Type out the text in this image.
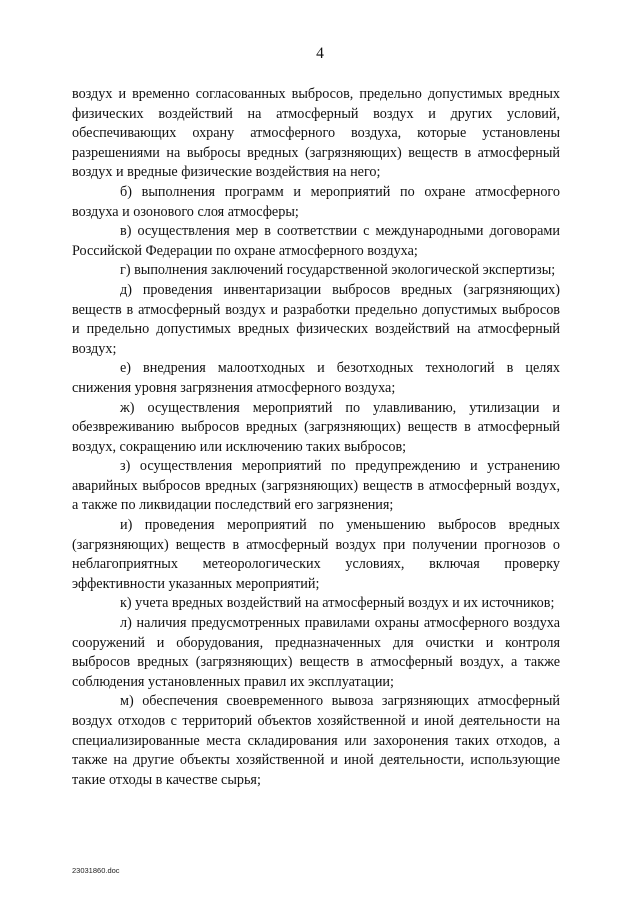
4

воздух и временно согласованных выбросов, предельно допустимых вредных физических воздействий на атмосферный воздух и других условий, обеспечивающих охрану атмосферного воздуха, которые установлены разрешениями на выбросы вредных (загрязняющих) веществ в атмосферный воздух и вредные физические воздействия на него;

б) выполнения программ и мероприятий по охране атмосферного воздуха и озонового слоя атмосферы;

в) осуществления мер в соответствии с международными договорами Российской Федерации по охране атмосферного воздуха;

г) выполнения заключений государственной экологической экспертизы;

д) проведения инвентаризации выбросов вредных (загрязняющих) веществ в атмосферный воздух и разработки предельно допустимых выбросов и предельно допустимых вредных физических воздействий на атмосферный воздух;

е) внедрения малоотходных и безотходных технологий в целях снижения уровня загрязнения атмосферного воздуха;

ж) осуществления мероприятий по улавливанию, утилизации и обезвреживанию выбросов вредных (загрязняющих) веществ в атмосферный воздух, сокращению или исключению таких выбросов;

з) осуществления мероприятий по предупреждению и устранению аварийных выбросов вредных (загрязняющих) веществ в атмосферный воздух, а также по ликвидации последствий его загрязнения;

и) проведения мероприятий по уменьшению выбросов вредных (загрязняющих) веществ в атмосферный воздух при получении прогнозов о неблагоприятных метеорологических условиях, включая проверку эффективности указанных мероприятий;

к) учета вредных воздействий на атмосферный воздух и их источников;

л) наличия предусмотренных правилами охраны атмосферного воздуха сооружений и оборудования, предназначенных для очистки и контроля выбросов вредных (загрязняющих) веществ в атмосферный воздух, а также соблюдения установленных правил их эксплуатации;

м) обеспечения своевременного вывоза загрязняющих атмосферный воздух отходов с территорий объектов хозяйственной и иной деятельности на специализированные места складирования или захоронения таких отходов, а также на другие объекты хозяйственной и иной деятельности, использующие такие отходы в качестве сырья;

23031860.doc
